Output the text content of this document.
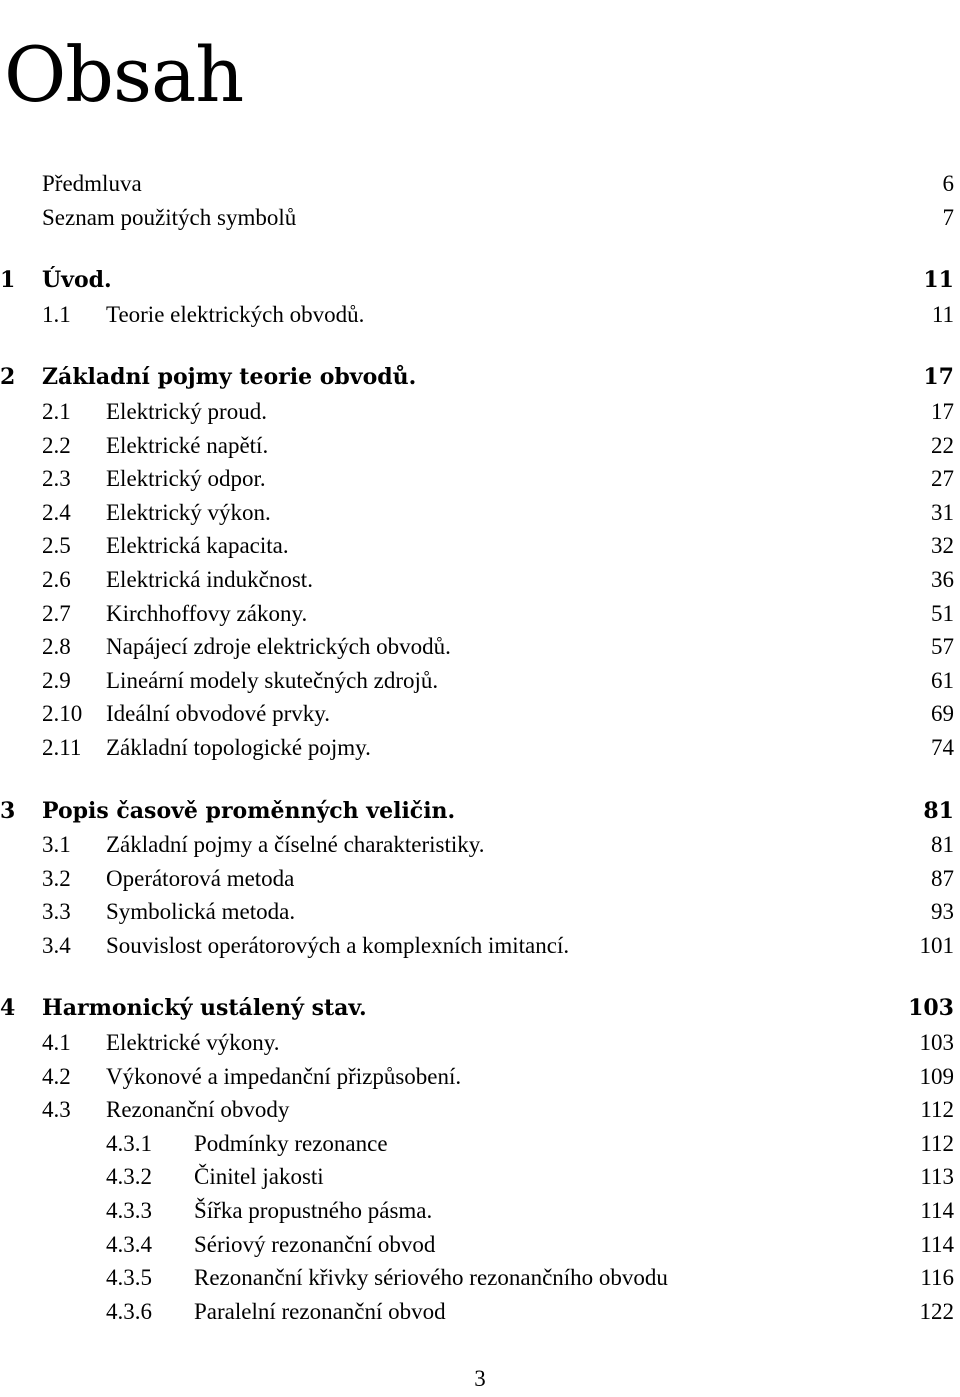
Obsah
Předmluva	6
Seznam použitých symbolů	7
1 Úvod.	11
1.1 Teorie elektrických obvodů.	11
2 Základní pojmy teorie obvodů.	17
2.1 Elektrický proud.	17
2.2 Elektrické napětí.	22
2.3 Elektrický odpor.	27
2.4 Elektrický výkon.	31
2.5 Elektrická kapacita.	32
2.6 Elektrická indukčnost.	36
2.7 Kirchhoffovy zákony.	51
2.8 Napájecí zdroje elektrických obvodů.	57
2.9 Lineární modely skutečných zdrojů.	61
2.10 Ideální obvodové prvky.	69
2.11 Základní topologické pojmy.	74
3 Popis časově proměnných veličin.	81
3.1 Základní pojmy a číselné charakteristiky.	81
3.2 Operátorová metoda	87
3.3 Symbolická metoda.	93
3.4 Souvislost operátorových a komplexních imitancí.	101
4 Harmonický ustálený stav.	103
4.1 Elektrické výkony.	103
4.2 Výkonové a impedanční přizpůsobení.	109
4.3 Rezonanční obvody	112
4.3.1 Podmínky rezonance	112
4.3.2 Činitel jakosti	113
4.3.3 Šířka propustného pásma.	114
4.3.4 Sériový rezonanční obvod	114
4.3.5 Rezonanční křivky sériového rezonančního obvodu	116
4.3.6 Paralelní rezonanční obvod	122
3
